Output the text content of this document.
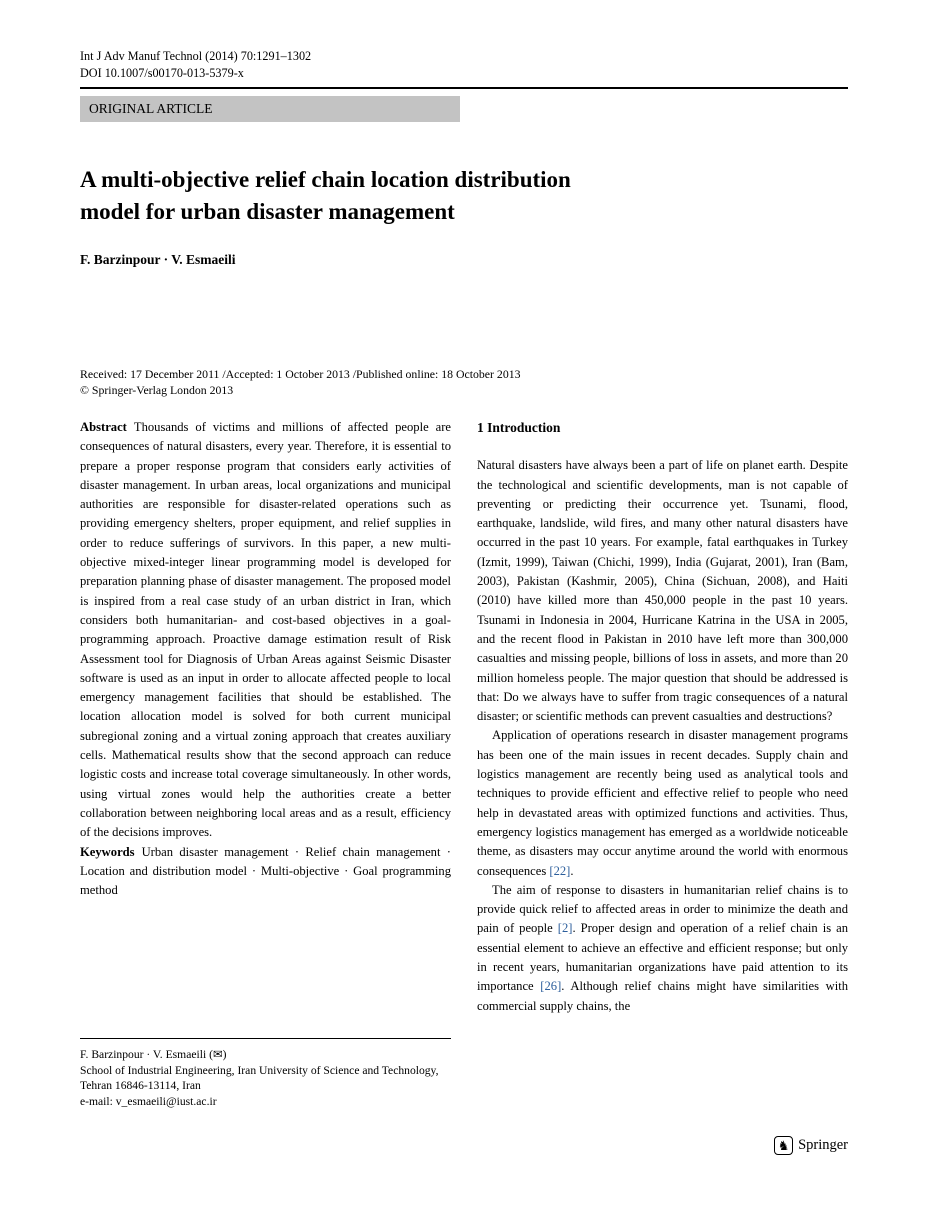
Int J Adv Manuf Technol (2014) 70:1291–1302
DOI 10.1007/s00170-013-5379-x
ORIGINAL ARTICLE
A multi-objective relief chain location distribution
model for urban disaster management
F. Barzinpour · V. Esmaeili
Received: 17 December 2011 /Accepted: 1 October 2013 /Published online: 18 October 2013
© Springer-Verlag London 2013

Abstract Thousands of victims and millions of affected people are consequences of natural disasters, every year. Therefore, it is essential to prepare a proper response program that considers early activities of disaster management. In urban areas, local organizations and municipal authorities are responsible for disaster-related operations such as providing emergency shelters, proper equipment, and relief supplies in order to reduce sufferings of survivors. In this paper, a new multi-objective mixed-integer linear programming model is developed for preparation planning phase of disaster management. The proposed model is inspired from a real case study of an urban district in Iran, which considers both humanitarian- and cost-based objectives in a goal-programming approach. Proactive damage estimation result of Risk Assessment tool for Diagnosis of Urban Areas against Seismic Disaster software is used as an input in order to allocate affected people to local emergency management facilities that should be established. The location allocation model is solved for both current municipal subregional zoning and a virtual zoning approach that creates auxiliary cells. Mathematical results show that the second approach can reduce logistic costs and increase total coverage simultaneously. In other words, using virtual zones would help the authorities create a better collaboration between neighboring local areas and as a result, efficiency of the decisions improves.

Keywords Urban disaster management · Relief chain management · Location and distribution model · Multi-objective · Goal programming method

1 Introduction

Natural disasters have always been a part of life on planet earth. Despite the technological and scientific developments, man is not capable of preventing or predicting their occurrence yet. Tsunami, flood, earthquake, landslide, wild fires, and many other natural disasters have occurred in the past 10 years. For example, fatal earthquakes in Turkey (Izmit, 1999), Taiwan (Chichi, 1999), India (Gujarat, 2001), Iran (Bam, 2003), Pakistan (Kashmir, 2005), China (Sichuan, 2008), and Haiti (2010) have killed more than 450,000 people in the past 10 years. Tsunami in Indonesia in 2004, Hurricane Katrina in the USA in 2005, and the recent flood in Pakistan in 2010 have left more than 300,000 casualties and missing people, billions of loss in assets, and more than 20 million homeless people. The major question that should be addressed is that: Do we always have to suffer from tragic consequences of a natural disaster; or scientific methods can prevent casualties and destructions?

Application of operations research in disaster management programs has been one of the main issues in recent decades. Supply chain and logistics management are recently being used as analytical tools and techniques to provide efficient and effective relief to people who need help in devastated areas with optimized functions and activities. Thus, emergency logistics management has emerged as a worldwide noticeable theme, as disasters may occur anytime around the world with enormous consequences [22].

The aim of response to disasters in humanitarian relief chains is to provide quick relief to affected areas in order to minimize the death and pain of people [2]. Proper design and operation of a relief chain is an essential element to achieve an effective and efficient response; but only in recent years, humanitarian organizations have paid attention to its importance [26]. Although relief chains might have similarities with commercial supply chains, the

F. Barzinpour · V. Esmaeili (✉)
School of Industrial Engineering, Iran University of Science and Technology, Tehran 16846-13114, Iran
e-mail: v_esmaeili@iust.ac.ir
♞ Springer
